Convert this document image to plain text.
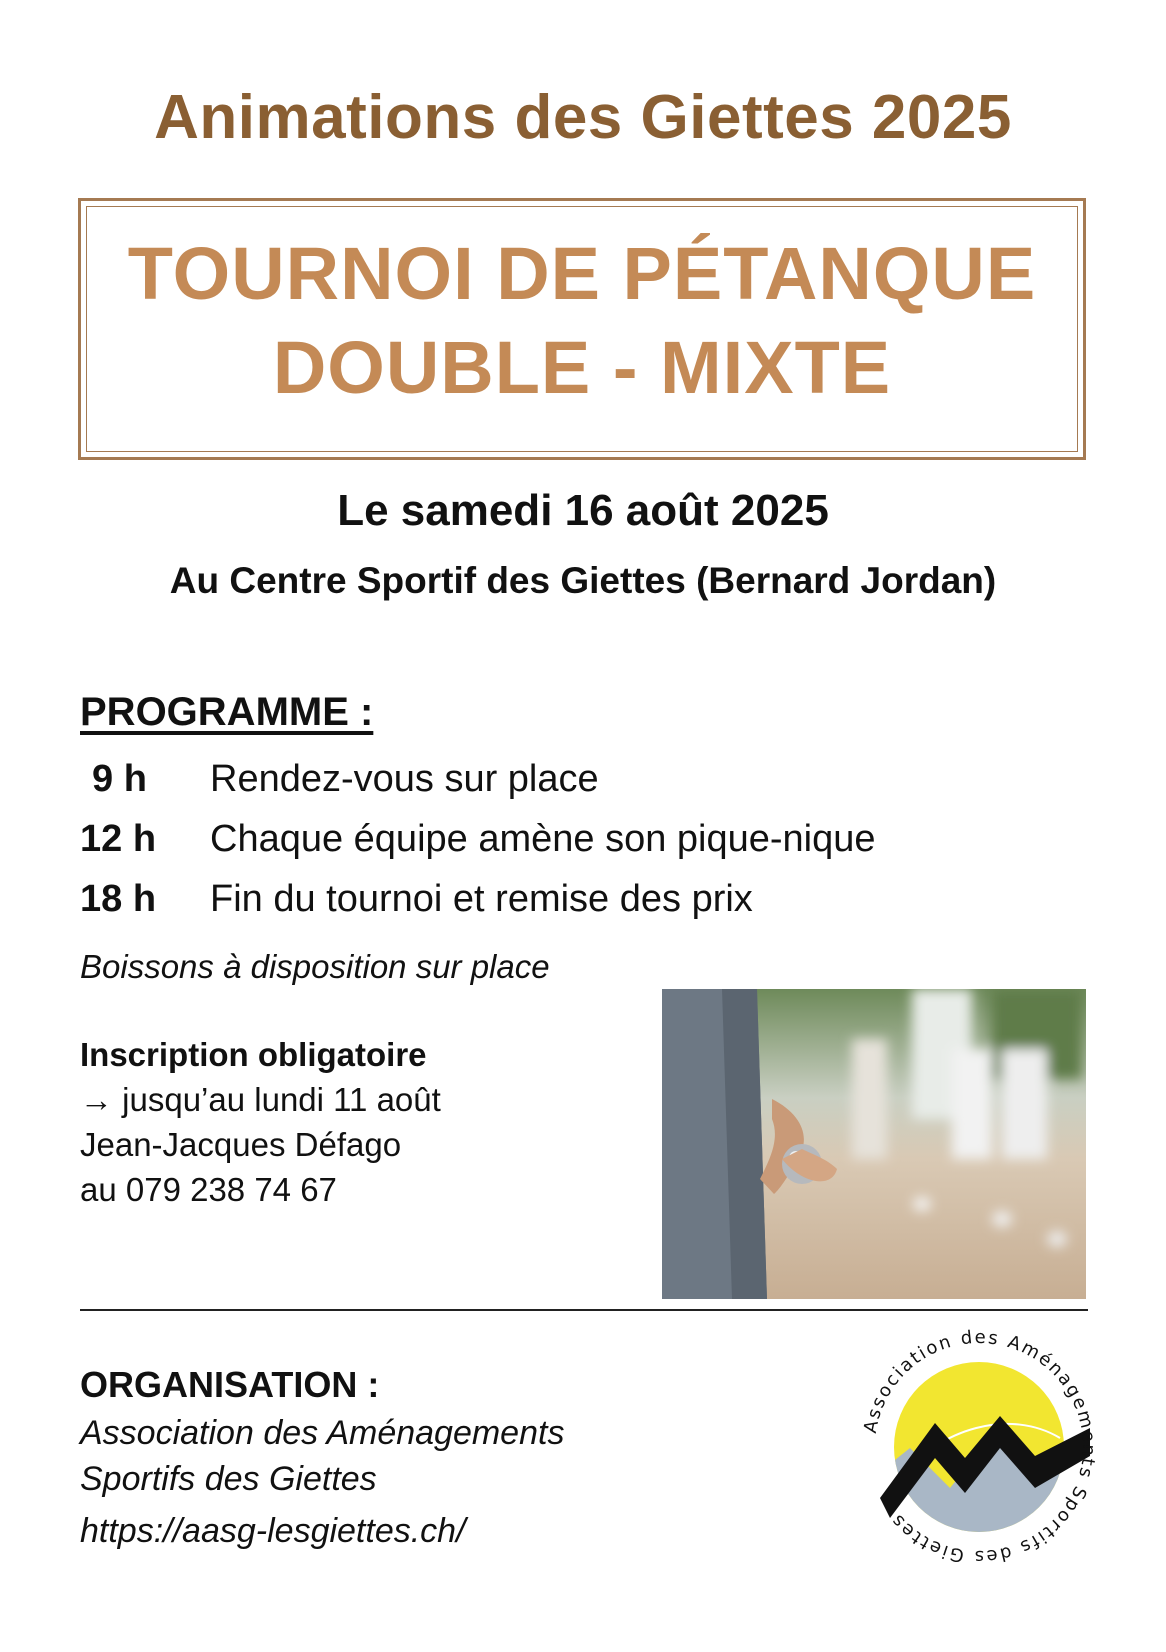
Animations des Giettes 2025
TOURNOI DE PÉTANQUE
DOUBLE - MIXTE
Le samedi 16 août 2025
Au Centre Sportif des Giettes (Bernard Jordan)
PROGRAMME :
9 h Rendez-vous sur place
12 h Chaque équipe amène son pique-nique
18 h Fin du tournoi et remise des prix
Boissons à disposition sur place
Inscription obligatoire
→ jusqu’au lundi 11 août
Jean-Jacques Défago
au 079 238 74 67
ORGANISATION :
Association des Aménagements
Sportifs des Giettes
https://aasg-lesgiettes.ch/
Association des Aménagements Sportifs des Giettes
